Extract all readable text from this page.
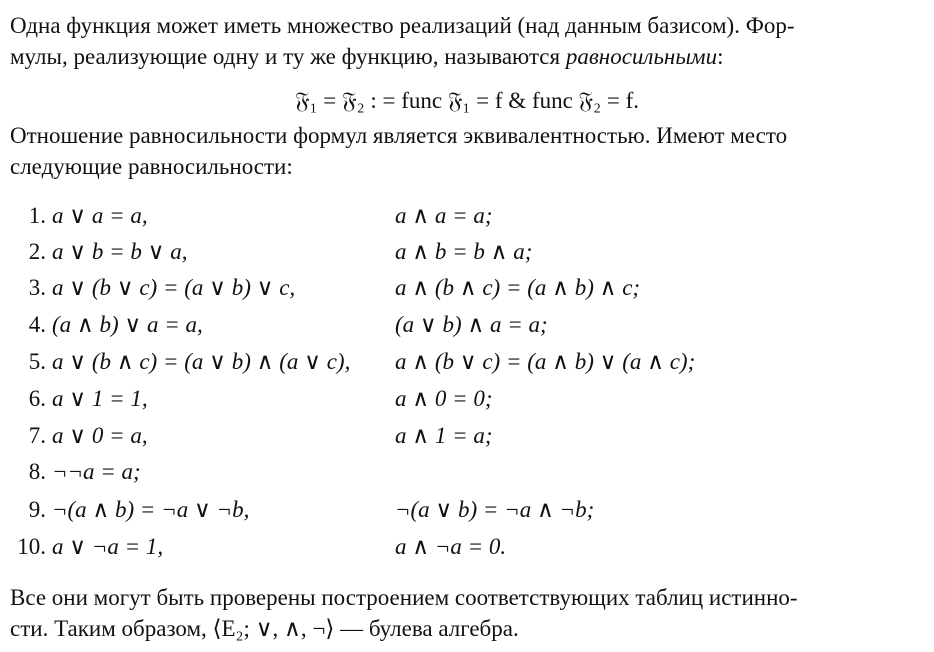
Одна функция может иметь множество реализаций (над данным базисом). Фор-
мулы, реализующие одну и ту же функцию, называются равносильными:

𝔉₁ = 𝔉₂ : = func 𝔉₁ = f & func 𝔉₂ = f.

Отношение равносильности формул является эквивалентностью. Имеют место
следующие равносильности:

1. a ∨ a = a,	a ∧ a = a;
2. a ∨ b = b ∨ a,	a ∧ b = b ∧ a;
3. a ∨ (b ∨ c) = (a ∨ b) ∨ c,	a ∧ (b ∧ c) = (a ∧ b) ∧ c;
4. (a ∧ b) ∨ a = a,	(a ∨ b) ∧ a = a;
5. a ∨ (b ∧ c) = (a ∨ b) ∧ (a ∨ c), a ∧ (b ∨ c) = (a ∧ b) ∨ (a ∧ c);
6. a ∨ 1 = 1,	a ∧ 0 = 0;
7. a ∨ 0 = a,	a ∧ 1 = a;
8. ¬¬a = a;
9. ¬(a ∧ b) = ¬a ∨ ¬b,	¬(a ∨ b) = ¬a ∧ ¬b;
10. a ∨ ¬a = 1,	a ∧ ¬a = 0.

Все они могут быть проверены построением соответствующих таблиц истинно-
сти. Таким образом, ⟨E₂; ∨, ∧, ¬⟩ — булева алгебра.
